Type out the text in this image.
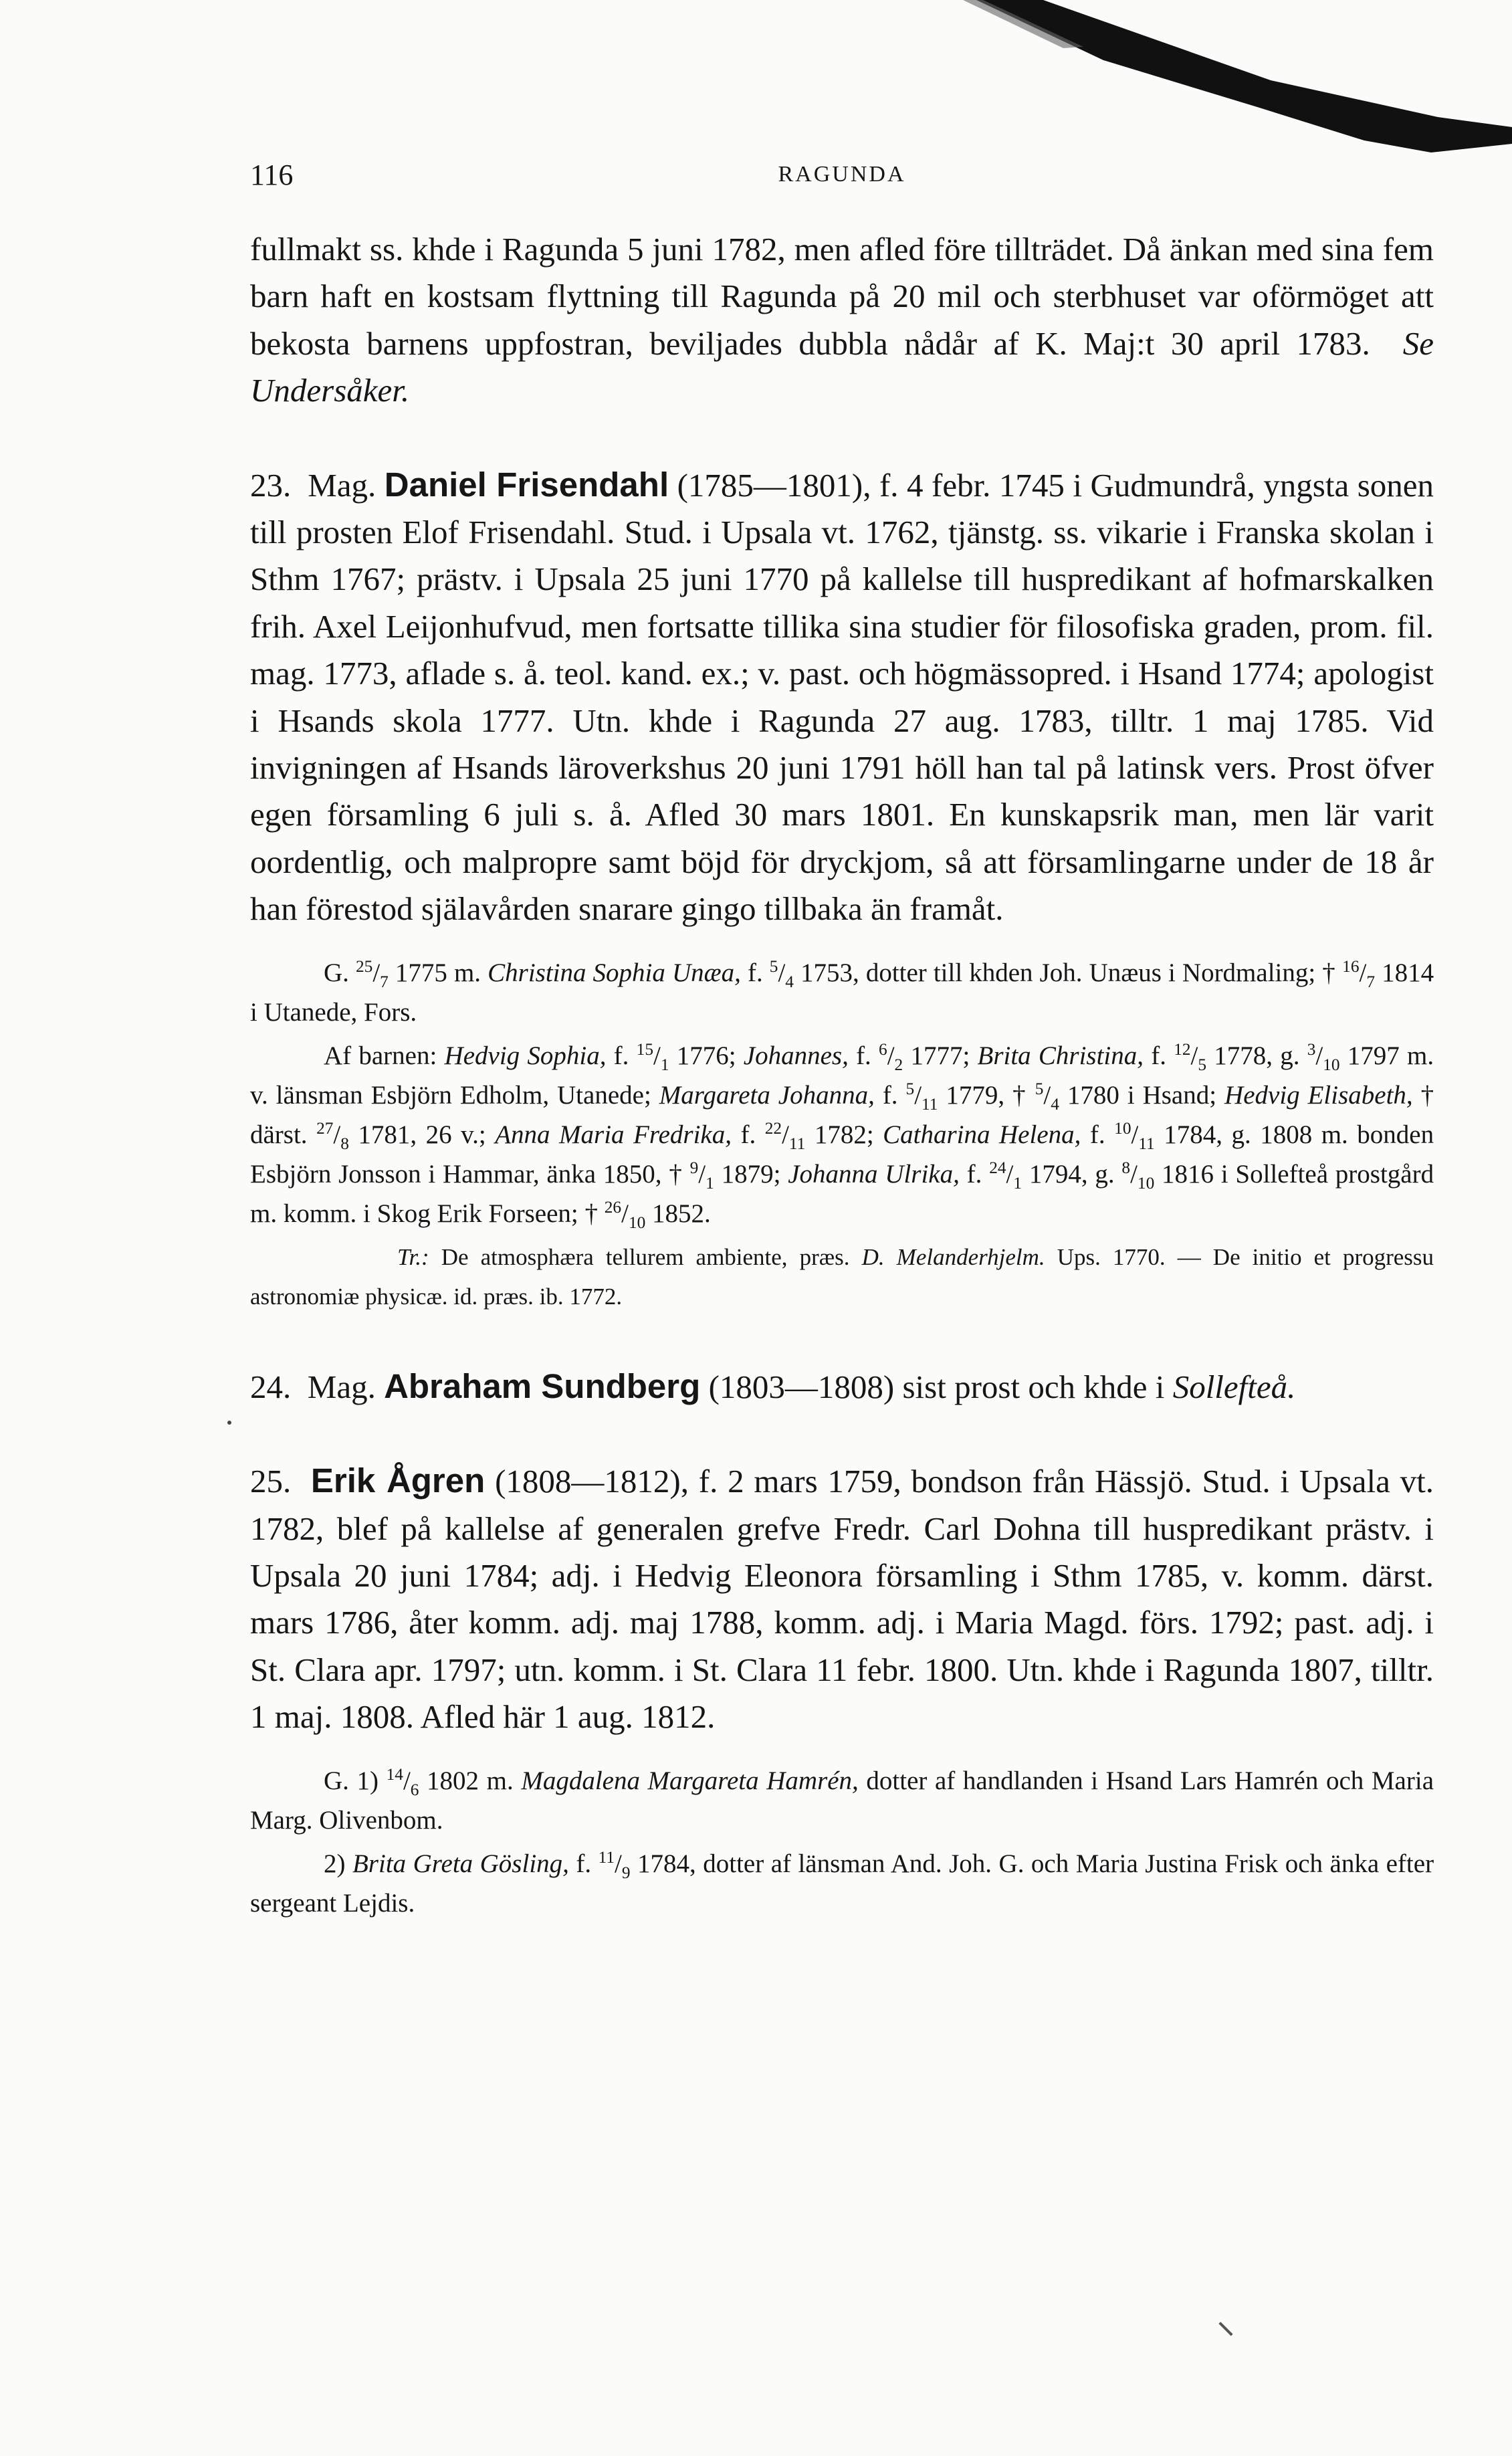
116	RAGUNDA

fullmakt ss. khde i Ragunda 5 juni 1782, men afled före tillträdet. Då änkan med sina fem barn haft en kostsam flyttning till Ragunda på 20 mil och sterbhuset var oförmöget att bekosta barnens uppfostran, beviljades dubbla nådår af K. Maj:t 30 april 1783. Se Undersåker.

23. Mag. Daniel Frisendahl (1785—1801), f. 4 febr. 1745 i Gudmundrå, yngsta sonen till prosten Elof Frisendahl. Stud. i Upsala vt. 1762, tjänstg. ss. vikarie i Franska skolan i Sthm 1767; prästv. i Upsala 25 juni 1770 på kallelse till huspredikant af hofmarskalken frih. Axel Leijonhufvud, men fortsatte tillika sina studier för filosofiska graden, prom. fil. mag. 1773, aflade s. å. teol. kand. ex.; v. past. och högmässopred. i Hsand 1774; apologist i Hsands skola 1777. Utn. khde i Ragunda 27 aug. 1783, tilltr. 1 maj 1785. Vid invigningen af Hsands läroverkshus 20 juni 1791 höll han tal på latinsk vers. Prost öfver egen församling 6 juli s. å. Afled 30 mars 1801. En kunskapsrik man, men lär varit oordentlig, och malpropre samt böjd för dryckjom, så att församlingarne under de 18 år han förestod själavården snarare gingo tillbaka än framåt.

G. $^{25}/_7$ 1775 m. Christina Sophia Unæa, f. $^5/_4$ 1753, dotter till khden Joh. Unæus i Nordmaling; † $^{16}/_7$ 1814 i Utanede, Fors.

Af barnen: Hedvig Sophia, f. $^{15}/_1$ 1776; Johannes, f. $^6/_2$ 1777; Brita Christina, f. $^{12}/_5$ 1778, g. $^3/_{10}$ 1797 m. v. länsman Esbjörn Edholm, Utanede; Margareta Johanna, f. $^5/_{11}$ 1779, † $^5/_4$ 1780 i Hsand; Hedvig Elisabeth, † därst. $^{27}/_8$ 1781, 26 v.; Anna Maria Fredrika, f. $^{22}/_{11}$ 1782; Catharina Helena, f. $^{10}/_{11}$ 1784, g. 1808 m. bonden Esbjörn Jonsson i Hammar, änka 1850, † $^9/_1$ 1879; Johanna Ulrika, f. $^{24}/_1$ 1794, g. $^8/_{10}$ 1816 i Sollefteå prostgård m. komm. i Skog Erik Forseen; † $^{26}/_{10}$ 1852.

Tr.: De atmosphæra tellurem ambiente, præs. D. Melanderhjelm. Ups. 1770. — De initio et progressu astronomiæ physicæ. id. præs. ib. 1772.

24. Mag. Abraham Sundberg (1803—1808) sist prost och khde i Sollefteå.

25. Erik Ågren (1808—1812), f. 2 mars 1759, bondson från Hässjö. Stud. i Upsala vt. 1782, blef på kallelse af generalen grefve Fredr. Carl Dohna till huspredikant prästv. i Upsala 20 juni 1784; adj. i Hedvig Eleonora församling i Sthm 1785, v. komm. därst. mars 1786, åter komm. adj. maj 1788, komm. adj. i Maria Magd. förs. 1792; past. adj. i St. Clara apr. 1797; utn. komm. i St. Clara 11 febr. 1800. Utn. khde i Ragunda 1807, tilltr. 1 maj. 1808. Afled här 1 aug. 1812.

G. 1) $^{14}/_6$ 1802 m. Magdalena Margareta Hamrén, dotter af handlanden i Hsand Lars Hamrén och Maria Marg. Olivenbom.

2) Brita Greta Gösling, f. $^{11}/_9$ 1784, dotter af länsman And. Joh. G. och Maria Justina Frisk och änka efter sergeant Lejdis.
